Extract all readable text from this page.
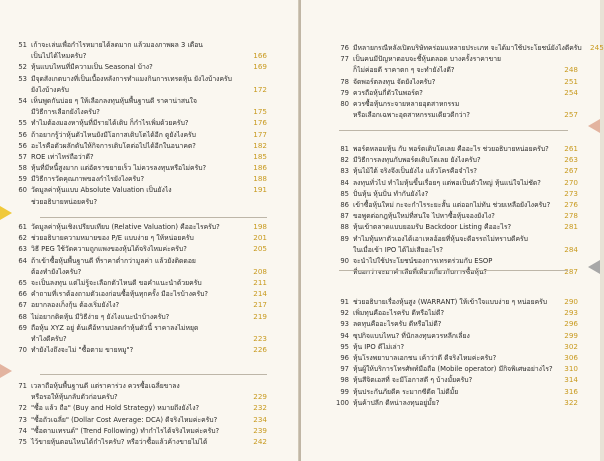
51 เก้าจะเล่นเพื่อกำไรหมายได้ลดมาก แล้วมองภาพผล 3 เดือน
เป็นไปได้ไหมครับ?	166
52 หุ้นแบบไหนที่มีความเป็น Seasonal บ้าง?	169
53 มีจุดสังเกตบางที่เป็นเบื้องหลังการทำแมงกินการเทรดหุ้น ยังไงบ้างครับ
ยังไงบ้างครับ	172
54 เห็นพูดกันบ่อย ๆ ให้เลือกลงทุนหุ้นพื้นฐานดี ราคาน่าสนใจ
มีวิธีการเลือกยังไงครับ?	175
55 ทำไมต้องมองหาหุ้นที่มีรายได้เติบ ก็กำไรเพิ่มด้วยครับ?	176
56 ถ้าอยากรู้ว่าหุ้นตัวไหนยังมีโอกาสเติบโตได้อีก ดูยังไงครับ	177
56 อะไรคือตัวผลักดันให้กิจการเติบโตต่อไปได้อีกในอนาคต?	182
57 ROE เท่าไหร่ถือว่าดี?	185
58 หุ้นที่มีหนี้สูงมาก แต่อัตราขยายเร็ว ไม่ควรลงทุนหรือไม่ครับ?	186
59 มีวิธีการวัดคุณภาพของกำไรยังไงครับ?	188
60 วัดมูลค่าหุ้นแบบ Absolute Valuation เป็นยังไง	191
ช่วยอธิบายหน่อยครับ?
61 วัดมูลค่าหุ้นเชิงเปรียบเทียบ (Relative Valuation) คืออะไรครับ?	198
62 ช่วยอธิบายความหมายของ P/E แบบง่าย ๆ ให้หน่อยครับ	201
63 วิธี PEG ใช้วัดความถูกแพงของหุ้นได้จริงไหมค่ะครับ?	205
64 ถ้าเข้าซื้อหุ้นพื้นฐานดี ที่ราคาต่ำกว่ามูลค่า แล้วยังติดดอย
ต้องทำยังไงครับ?	208
65 จะเป็นลงทุน แต่ไม่รู้จะเลือกตัวไหนดี ขอคำแนะนำด้วยครับ	211
66 คำถามที่เราต้องถามตัวเองก่อนซื้อหุ้นทุกครั้ง มีอะไรบ้างครับ?	214
67 อยากลองเก็งกุ้น ต้องเริ่มยังไง?	217
68 ไม่อยากติดหุ้น มีวิธีง่าย ๆ ยังไงแนะนำบ้างครับ?	219
69 ถือหุ้น XYZ อยู่ ต้นเคือ้หานปลดกำหุ้นตัวนี้ ราคาลงไม่หยุด
ทำไงดีครับ?	223
70 ทำยังไงถึงจะไม่ "ซื้อตาม ขายหมู"?	226
71 เวลาถือหุ้นพื้นฐานดี แต่ราคาร่วง ควรซื้อเฉลี่ยขาลง
หรือรอให้หุ้นกลับตัวก่อนครับ?	229
72 "ซื้อ แล้ว ถือ" (Buy and Hold Strategy) หมายถึงยังไง?	232
73 "ซื้อถัวเฉลี่ย" (Dollar Cost Average: DCA) ดีจริงไหมค่ะครับ?	234
74 "ซื้อตามเทรนด์" (Trend Following) ทำกำไรได้จริงไหมค่ะครับ?	239
75 ไว้ขายหุ้นตอนไหนได้กำไรครับ? หรือว่าซื้อแล้วค้างขายไม่ได้	242
76 มีหลายกรณีหลังเปิดบริษัทคร่อมแหลายประเภท จะได้มาใช้ประโยชน์ยังไงดีครับ	245
77 เป็นคนมีปัญหาตอบจะชี้หุ้นตลอด บางครั้งราคาขาย
ก็ไม่ค่อยดี ราคาตก ๆ จะทำยังไงดี?	248
78 จัดพอร์ตลงทุน จัดยังไงครับ?	251
79 ควรถือหุ้นกี่ตัวในพอร์ต?	254
80 ควรซื้อหุ้นกระจายหลายอุตสาหกรรม
หรือเลือกเฉพาะอุตสาหกรรมเดียวดีกว่า?	257
81 พอร์ตหลอมหุ้น กับ พอร์ตเติบโตเลย คืออะไร ช่วยอธิบายหน่อยครับ?	261
82 มีวิธีการลงทุนกับพอร์ตเติบโตเลย ยังไงครับ?	263
83 หุ้นไม้ใต้ จริงจึงเป็นยังไง แล้วโครคือจำไร?	267
84 ลงทุนทั่วไป ทำไมหุ้นขึ้นเรื่อยๆ แต่พอเป็นตัวใหญ่ หุ้นแน่ใจไม่ชัด?	270
85 ปั่นหุ้น หุ้นปั่น ทำกันยังไง?	273
86 เข้าซื้อหุ้นใหม่ กะจะกำไรระยะสั้น แต่ออกไม่ทัน ช่วยเหลือยังไงครับ?	276
87 ขอพูดต่อกฎหุ้นใหม่ที่สนใจ ไปหาซื้อหุ้นจองยังไง?	278
88 หุ้นเข้าตลาดแบบยอมรับ Backdoor Listing คืออะไร?	281
89 ทำไมทุ้นหาตัวเองได้เอาเหลอ้อยที่หุ้นจะดีอรรถไม่ทราบดีครับ
ในเมื่อเข้า IPO ได้ไม่เสียอะไร?	284
90 จะนำไปใช้ประโยชน์ของการเทรดร่วมกับ ESOP
ที่บอกว่าจะมาคำเสียที่เดียวเกี่ยวกับการซื้อหุ้น?	287
91 ช่วยอธิบายเรื่องหุ้นสูง (WARRANT) ให้เข้าใจแบบง่าย ๆ หน่อยครับ	290
92 เพิ่มทุนคืออะไรครับ ดีหรือไม่ดี?	293
93 ลดทุนคืออะไรครับ ดีหรือไม่ดี?	296
94 ซุปกิจแบบไหน? ที่นักลงทุนควรหลีกเลี่ยง	299
95 หุ้น IPO ดีไม่เล่า?	302
96 หุ้นโรงพยาบาลเอกชน เค้าว่าดี ดีจริงไหมค่ะครับ?	306
97 หุ้นผู้ให้บริการโทรศัพท์มือถือ (Mobile operator) มีกิจพิเศษอย่างไร?	310
98 หุ้นสีจิตเอสที่ จะมีโอกาสดี ๆ บ้างมั้ยครับ?	314
99 หุ้นประกันภัยดีค ระมากซีดีต ไม่ดีมั้ย	316
100 หุ้นค้าปลีก ดีหน่าลงทุนอยู่มั้ย?	322
